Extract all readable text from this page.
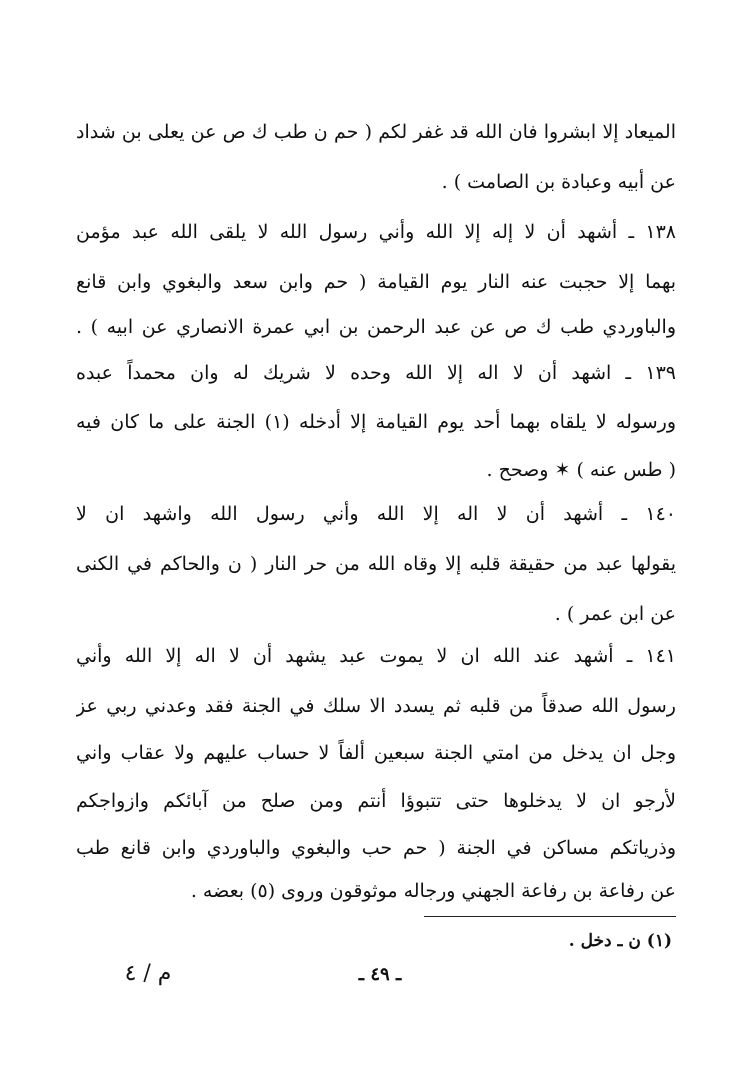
الميعاد إلا ابشروا فان الله قد غفر لكم ( حم ن طب ك ص عن يعلى بن شداد
عن أبيه وعبادة بن الصامت ) .
١٣٨ ـ أشهد أن لا إله إلا الله وأني رسول الله لا يلقى الله عبد مؤمن
بهما إلا حجبت عنه النار يوم القيامة ( حم وابن سعد والبغوي وابن قانع
والباوردي طب ك ص عن عبد الرحمن بن ابي عمرة الانصاري عن ابيه ) .
١٣٩ ـ اشهد أن لا اله إلا الله وحده لا شريك له وان محمداً عبده
ورسوله لا يلقاه بهما أحد يوم القيامة إلا أدخله (١) الجنة على ما كان فيه
( طس عنه ) ✶ وصحح .
١٤٠ ـ أشهد أن لا اله إلا الله وأني رسول الله واشهد ان لا
يقولها عبد من حقيقة قلبه إلا وقاه الله من حر النار ( ن والحاكم في الكنى
عن ابن عمر ) .
١٤١ ـ أشهد عند الله ان لا يموت عبد يشهد أن لا اله إلا الله وأني
رسول الله صدقاً من قلبه ثم يسدد الا سلك في الجنة فقد وعدني ربي عز
وجل ان يدخل من امتي الجنة سبعين ألفاً لا حساب عليهم ولا عقاب واني
لأرجو ان لا يدخلوها حتى تتبوؤا أنتم ومن صلح من آبائكم وازواجكم
وذرياتكم مساكن في الجنة ( حم حب والبغوي والباوردي وابن قانع طب
عن رفاعة بن رفاعة الجهني ورجاله موثوقون وروى (٥) بعضه .
(١) ن ـ دخل .
ـ ٤٩ ـ
م / ٤
